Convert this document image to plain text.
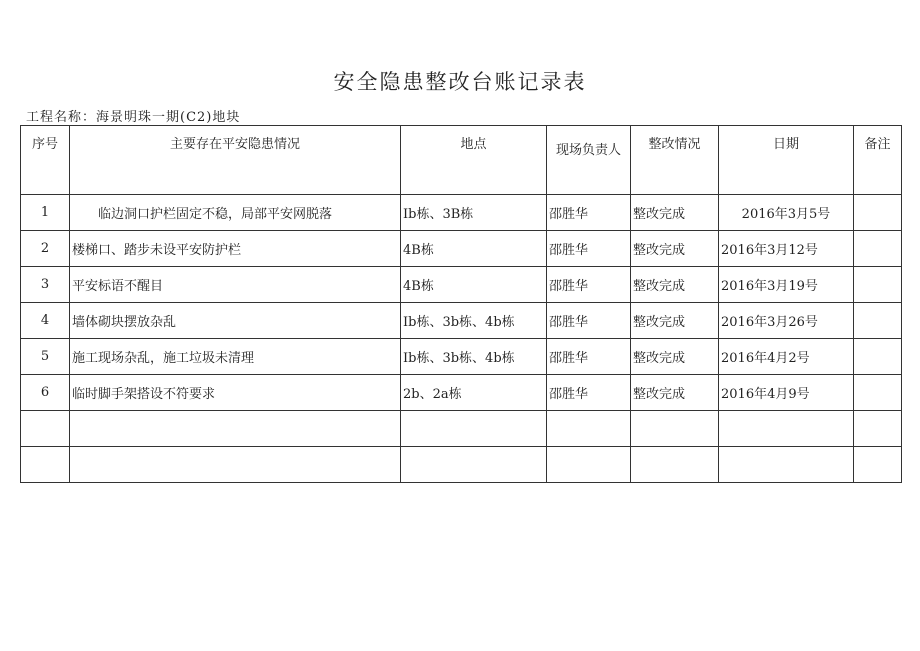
安全隐患整改台账记录表
工程名称：海景明珠一期(C2)地块
序号	主要存在平安隐患情况	地点	现场负责人	整改情况	日期	备注
1	临边洞口护栏固定不稳，局部平安网脱落	Ib栋、3B栋	邵胜华	整改完成	2016年3月5号	
2	楼梯口、踏步未设平安防护栏	4B栋	邵胜华	整改完成	2016年3月12号	
3	平安标语不醒目	4B栋	邵胜华	整改完成	2016年3月19号	
4	墙体砌块摆放杂乱	Ib栋、3b栋、4b栋	邵胜华	整改完成	2016年3月26号	
5	施工现场杂乱，施工垃圾未清理	Ib栋、3b栋、4b栋	邵胜华	整改完成	2016年4月2号	
6	临时脚手架搭设不符要求	2b、2a栋	邵胜华	整改完成	2016年4月9号	
